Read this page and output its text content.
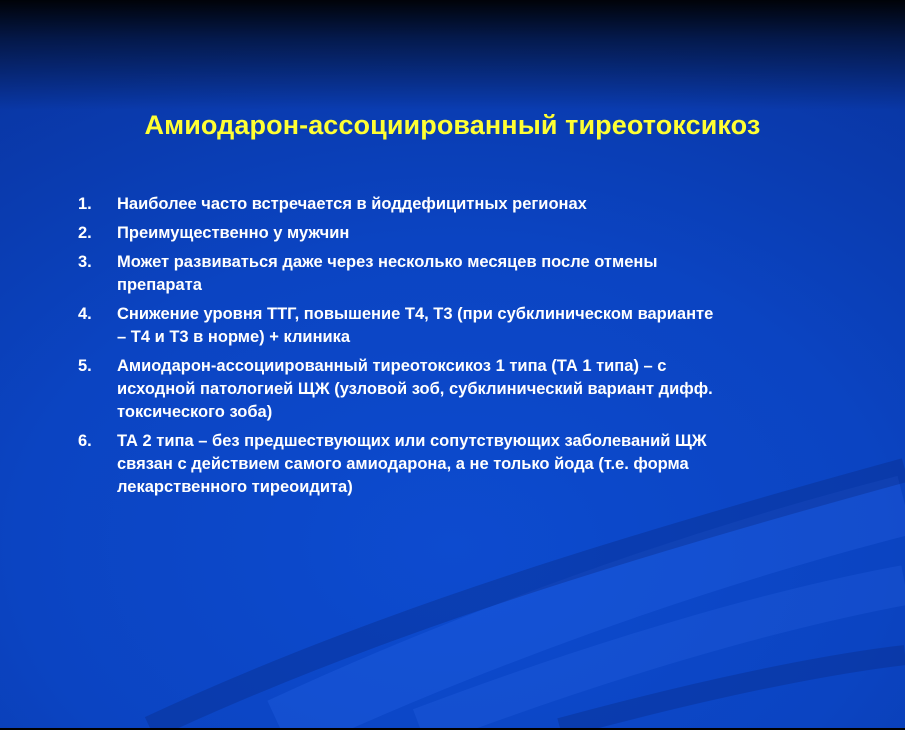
Амиодарон-ассоциированный тиреотоксикоз
1.	Наиболее часто встречается в йоддефицитных регионах
2.	Преимущественно у мужчин
3.	Может развиваться даже через несколько месяцев после отмены
препарата
4.	Снижение уровня ТТГ, повышение Т4, Т3 (при субклиническом варианте
– Т4 и Т3 в норме) + клиника
5.	Амиодарон-ассоциированный тиреотоксикоз 1 типа (ТА 1 типа) – с
исходной патологией ЩЖ (узловой зоб, субклинический вариант дифф.
токсического зоба)
6.	ТА 2 типа – без предшествующих или сопутствующих заболеваний ЩЖ
связан с действием самого амиодарона, а не только йода (т.е. форма
лекарственного тиреоидита)
